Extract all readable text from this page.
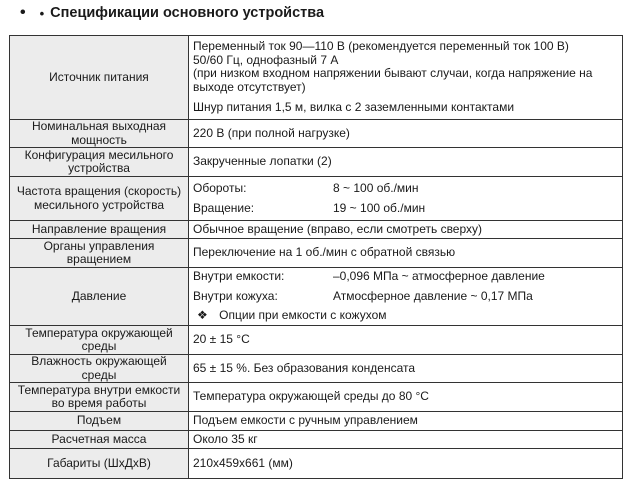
• • Спецификации основного устройства
Источник питания	Переменный ток 90—110 В (рекомендуется переменный ток 100 В)
50/60 Гц, однофазный 7 А
(при низком входном напряжении бывают случаи, когда напряжение на
выходе отсутствует)
Шнур питания 1,5 м, вилка с 2 заземленными контактами

Номинальная выходная мощность	220 В (при полной нагрузке)
Конфигурация месильного устройства	Закрученные лопатки (2)
Частота вращения (скорость) месильного устройства	Обороты: 8 ~ 100 об./мин
Вращение: 19 ~ 100 об./мин

Направление вращения	Обычное вращение (вправо, если смотреть сверху)
Органы управления вращением	Переключение на 1 об./мин с обратной связью
Давление	Внутри емкости: –0,096 МПа ~ атмосферное давление
Внутри кожуха: Атмосферное давление ~ 0,17 МПа
❖ Опции при емкости с кожухом

Температура окружающей среды	20 ± 15 °C
Влажность окружающей среды	65 ± 15 %. Без образования конденсата
Температура внутри емкости во время работы	Температура окружающей среды до 80 °C
Подъем	Подъем емкости с ручным управлением
Расчетная масса	Около 35 кг
Габариты (ШхДхВ)	210x459x661 (мм)
